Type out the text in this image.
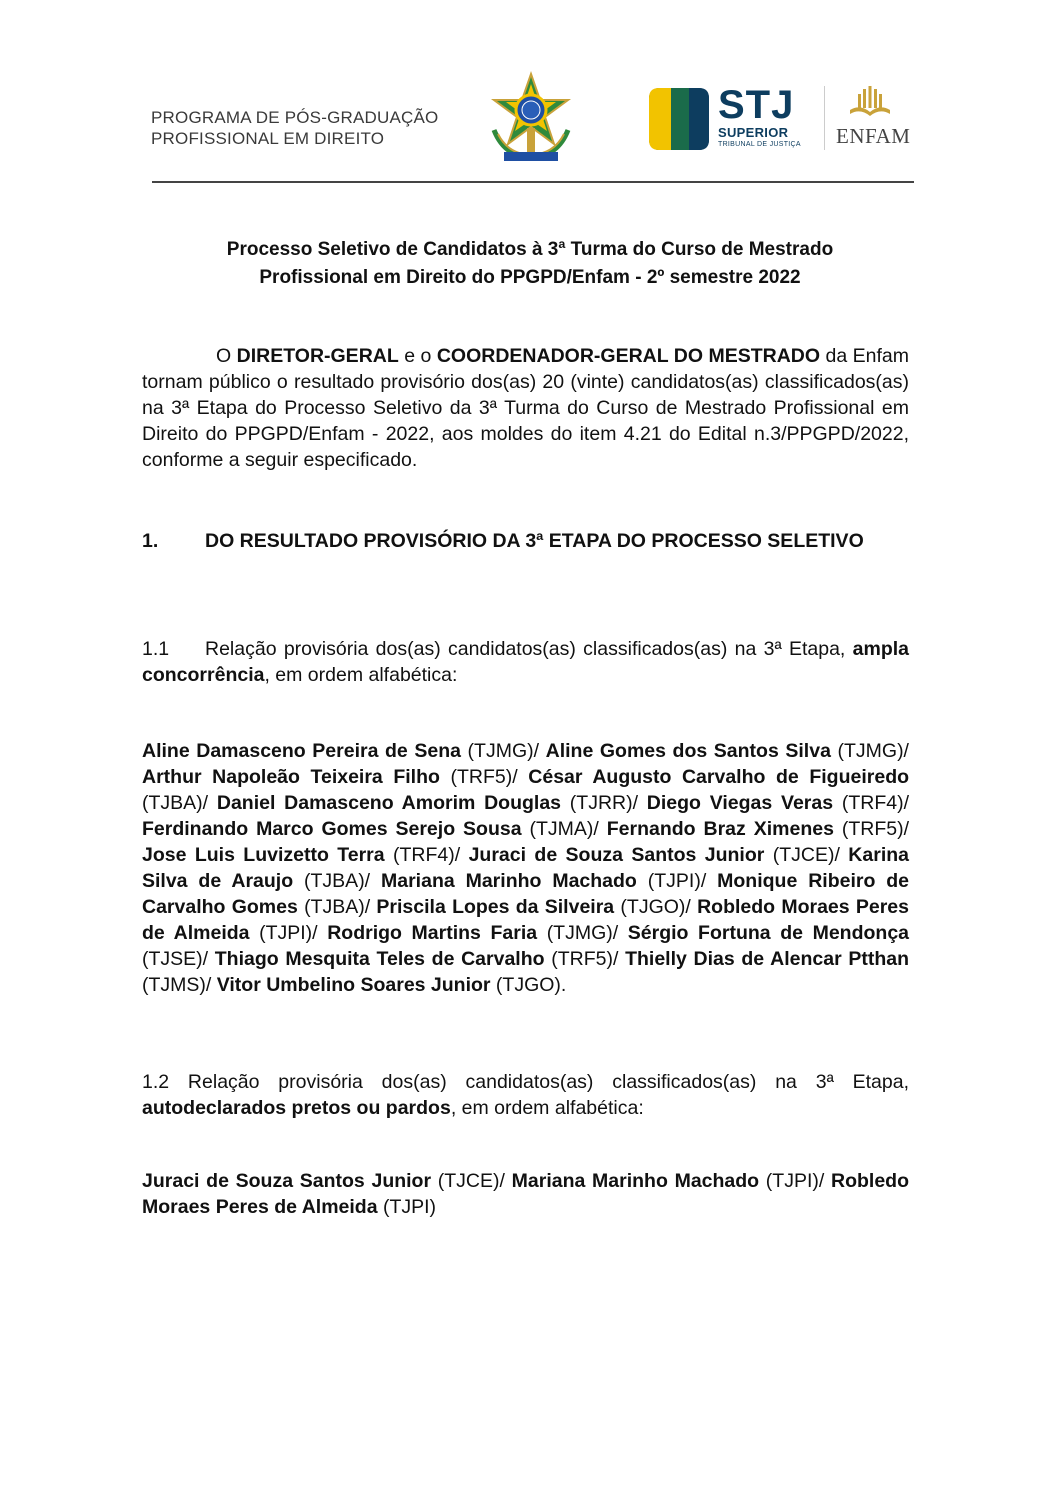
PROGRAMA DE PÓS-GRADUAÇÃO
PROFISSIONAL EM DIREITO
STJ
SUPERIOR
TRIBUNAL DE JUSTIÇA ENFAM
Processo Seletivo de Candidatos à 3ª Turma do Curso de Mestrado
Profissional em Direito do PPGPD/Enfam - 2º semestre 2022
O DIRETOR-GERAL e o COORDENADOR-GERAL DO MESTRADO da Enfam tornam público o resultado provisório dos(as) 20 (vinte) candidatos(as) classificados(as) na 3ª Etapa do Processo Seletivo da 3ª Turma do Curso de Mestrado Profissional em Direito do PPGPD/Enfam - 2022, aos moldes do item 4.21 do Edital n.3/PPGPD/2022, conforme a seguir especificado.
1. DO RESULTADO PROVISÓRIO DA 3ª ETAPA DO PROCESSO SELETIVO
1.1 Relação provisória dos(as) candidatos(as) classificados(as) na 3ª Etapa, ampla concorrência, em ordem alfabética:
Aline Damasceno Pereira de Sena (TJMG)/ Aline Gomes dos Santos Silva (TJMG)/ Arthur Napoleão Teixeira Filho (TRF5)/ César Augusto Carvalho de Figueiredo (TJBA)/ Daniel Damasceno Amorim Douglas (TJRR)/ Diego Viegas Veras (TRF4)/ Ferdinando Marco Gomes Serejo Sousa (TJMA)/ Fernando Braz Ximenes (TRF5)/ Jose Luis Luvizetto Terra (TRF4)/ Juraci de Souza Santos Junior (TJCE)/ Karina Silva de Araujo (TJBA)/ Mariana Marinho Machado (TJPI)/ Monique Ribeiro de Carvalho Gomes (TJBA)/ Priscila Lopes da Silveira (TJGO)/ Robledo Moraes Peres de Almeida (TJPI)/ Rodrigo Martins Faria (TJMG)/ Sérgio Fortuna de Mendonça (TJSE)/ Thiago Mesquita Teles de Carvalho (TRF5)/ Thielly Dias de Alencar Ptthan (TJMS)/ Vitor Umbelino Soares Junior (TJGO).
1.2 Relação provisória dos(as) candidatos(as) classificados(as) na 3ª Etapa, autodeclarados pretos ou pardos, em ordem alfabética:
Juraci de Souza Santos Junior (TJCE)/ Mariana Marinho Machado (TJPI)/ Robledo Moraes Peres de Almeida (TJPI)
